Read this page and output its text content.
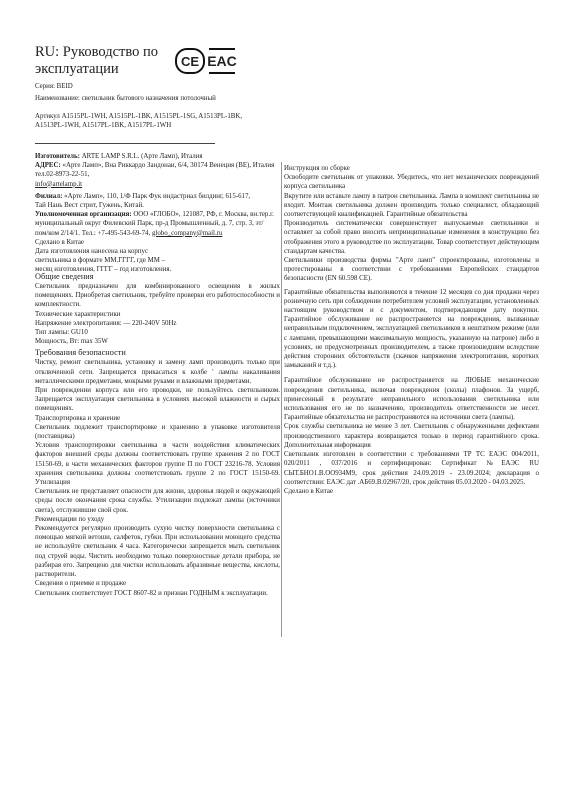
RU: Руководство по эксплуатации	CE EAC
Серия: BEID
Наименование: светильник бытового назначения потолочный
Артикул A1515PL-1WH, A1515PL-1BK, A1515PL-1SG, A1513PL-1BK, A1513PL-1WH, A1517PL-1BK, A1517PL-1WH
Изготовитель: ARTE LAMP S.R.L. (Арте Ламп), Италия
АДРЕС: «Арте Ламп», Вна Риккардо Зандонаи, 6/4, 30174 Венеция (ВЕ), Италия тел.02-8973-22-51,
info@artelamp.it
Филиал: «Арте Ламп», 110, 1/Ф Парк Фук индастриал билдинг, 615-617,
Тай Нань Вест стрит, Гужень, Китай.
Уполномоченная организация: ООО «ГЛОБО», 121087, РФ, г. Москва, вн.тер.г. муниципальный округ Филевский Парк, пр-д Промышленный, д. 7, стр. 3, эт/пом/ком 2/14/1. Тел.: +7-495-543-69-74, globo_company@mail.ru
Сделано в Китае
Дата изготовления нанесена на корпус
светильника в формате ММ.ГГГГ, где ММ –
месяц изготовления, ГГГГ – год изготовления.

Общие сведения

Светильник предназначен для комбинированного освещения в жилых помещениях. Приобретая светильник, требуйте проверки его работоспособности и комплектности.

Технические характеристики

Напряжение электропитания: — 220-240V 50Hz

Тип лампы: GU10

Мощность, Вт: max 35W

Требования безопасности

Чистку, ремонт светильника, установку и замену ламп производить только при отключенной сети. Запрещается прикасаться к колбе ' лампы накаливания металлическими предметами, мокрыми руками и влажными предметами.

При повреждении корпуса или его проводки, не пользуйтесь светильником. Запрещается эксплуатация светильника в условиях высокой влажности и сырых помещениях.

Транспортировка и хранение

Светильник подлежит транспортировке и хранению в упаковке изготовителя (поставщика)

Условия транспортировки светильника в части воздействия климатических факторов внешней среды должны соответствовать группе хранения 2 по ГОСТ 15150-69, в части механических факторов группе П по ГОСТ 23216-78. Условия хранения светильника должны соответствовать группе 2 по ГОСТ 15150-69. Утилизация

Светильник не представляет опасности для жизни, здоровья людей и окружающей среды после окончания срока службы. Утилизации подлежат лампы (источники света), отслужившие свой срок.

Рекомендации по уходу

Рекомендуется регулярно производить сухую чистку поверхности светильника с помощью мягкой ветоши, салфеток, губки. При использовании моющего средства не используйте светильник 4 часа. Категорически запрещается мыть светильник под струей воды. Чистить необходимо только поверхностные детали прибора, не разбирая его. Запрещено для чистки использовать абразивные вещества, кислоты, растворители.

Сведения о приемке и продаже

Светильник соответствует ГОСТ 8607-82 и признан ГОДНЫМ к эксплуатации.

Инструкция по сборке

Освободите светильник от упаковки. Убедитесь, что нет механических повреждений корпуса светильника

Вкрутите или вставьте лампу в патрон светильника. Лампа в комплект светильника не входит. Монтаж светильника должен производить только специалист, обладающий соответствующей квалификацией. Гарантийные обязательства

Производитель систематически совершенствует выпускаемые светильники и оставляет за собой право вносить непринципиальные изменения в конструкцию без отображения этого в руководстве по эксплуатации. Товар соответствует действующим стандартам качества.

Светильники производства фирмы "Арте ламп" спроектированы, изготовлены и протестированы в соответствии с требованиями Европейских стандартов безопасности (EN 60.598 СЕ).

Гарантийные обязательства выполняются в течение 12 месяцев со дня продажи через розничную сеть при соблюдении потребителем условий эксплуатации, установленных настоящим руководством и с документом, подтверждающим дату покупки. Гарантийное обслуживание не распространяется на повреждения, вызванные неправильным подключением, эксплуатацией светильников в нештатном режиме (или с лампами, превышающими максимальную мощность, указанную на патроне) либо в условиях, не предусмотренных производителем, а также произошедшим вследствие действия сторонних обстоятельств (скачков напряжения электропитания, коротких замыканий и т.д.).

Гарантийное обслуживание не распространяется на ЛЮБЫЕ механические повреждения светильника, включая повреждения (сколы) плафонов. За ущерб, принесенный в результате неправильного использования светильника или использования его не по назначению, производитель ответственности не несет. Гарантийные обязательства не распространяются на источники света (лампы).

Срок службы светильника не менее 3 лет. Светильник с обнаруженными дефектами производственного характера возвращается только в период гарантийного срока. Дополнительная информация

Светильник изготовлен в соответствии с требованиями ТР ТС ЕАЭС 004/2011, 020/2011 , 037/2016 и сертифицирован: Сертификат №ЕАЭС RU СЫТ.БНО1.В.ОО934М9, срок действия 24.09.2019 - 23.09.2024; декларация о соответствии: ЕАЭС дат .АБ69.В.02967/20, срок действия 05.03.2020 - 04.03.2025.

Сделано в Китае
